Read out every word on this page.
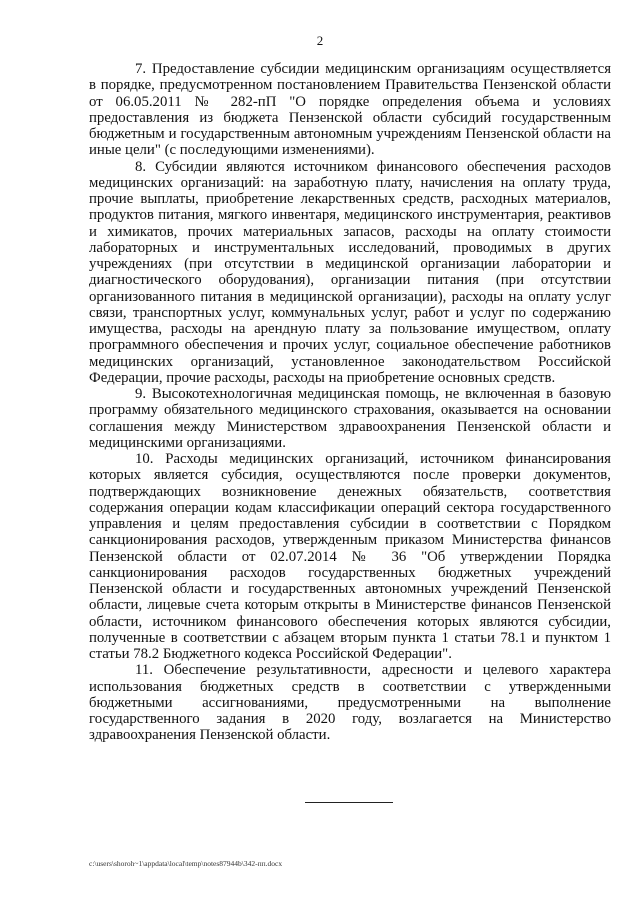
2

7. Предоставление субсидии медицинским организациям осуществляется в порядке, предусмотренном постановлением Правительства Пензенской области от 06.05.2011 № 282-пП "О порядке определения объема и условиях предоставления из бюджета Пензенской области субсидий государственным бюджетным и государственным автономным учреждениям Пензенской области на иные цели" (с последующими изменениями).

8. Субсидии являются источником финансового обеспечения расходов медицинских организаций: на заработную плату, начисления на оплату труда, прочие выплаты, приобретение лекарственных средств, расходных материалов, продуктов питания, мягкого инвентаря, медицинского инструментария, реактивов и химикатов, прочих материальных запасов, расходы на оплату стоимости лабораторных и инструментальных исследований, проводимых в других учреждениях (при отсутствии в медицинской организации лаборатории и диагностического оборудования), организации питания (при отсутствии организованного питания в медицинской организации), расходы на оплату услуг связи, транспортных услуг, коммунальных услуг, работ и услуг по содержанию имущества, расходы на арендную плату за пользование имуществом, оплату программного обеспечения и прочих услуг, социальное обеспечение работников медицинских организаций, установленное законодательством Российской Федерации, прочие расходы, расходы на приобретение основных средств.

9. Высокотехнологичная медицинская помощь, не включенная в базовую программу обязательного медицинского страхования, оказывается на основании соглашения между Министерством здравоохранения Пензенской области и медицинскими организациями.

10. Расходы медицинских организаций, источником финансирования которых является субсидия, осуществляются после проверки документов, подтверждающих возникновение денежных обязательств, соответствия содержания операции кодам классификации операций сектора государственного управления и целям предоставления субсидии в соответствии с Порядком санкционирования расходов, утвержденным приказом Министерства финансов Пензенской области от 02.07.2014 № 36 "Об утверждении Порядка санкционирования расходов государственных бюджетных учреждений Пензенской области и государственных автономных учреждений Пензенской области, лицевые счета которым открыты в Министерстве финансов Пензенской области, источником финансового обеспечения которых являются субсидии, полученные в соответствии с абзацем вторым пункта 1 статьи 78.1 и пунктом 1 статьи 78.2 Бюджетного кодекса Российской Федерации".

11. Обеспечение результативности, адресности и целевого характера использования бюджетных средств в соответствии с утвержденными бюджетными ассигнованиями, предусмотренными на выполнение государственного задания в 2020 году, возлагается на Министерство здравоохранения Пензенской области.

c:\users\shoroh~1\appdata\local\temp\notes87944b\342-пп.docx
